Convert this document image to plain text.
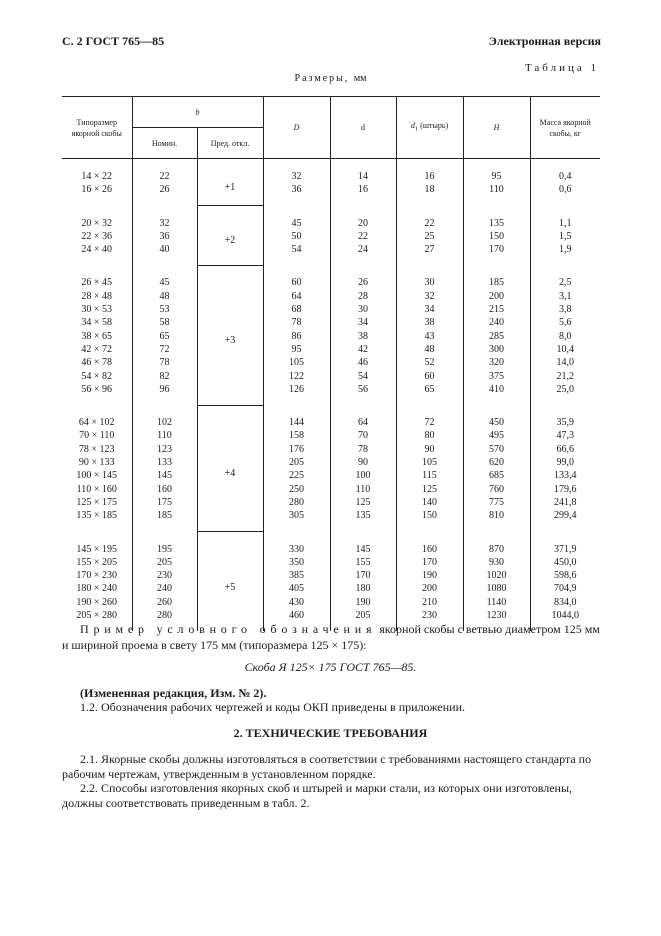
С. 2 ГОСТ 765—85	Электронная версия
Таблица 1
Размеры, мм
Типоразмер якорной скобы	b		D	d	$d_1$ (штырь)	H	Масса якорной скобы, кг
	Номин.	Пред. откл.					
14 × 22	22	+1	32	14	16	95	0,4
16 × 26	26		36	16	18	110	0,6
20 × 32	32	+2	45	20	22	135	1,1
22 × 36	36		50	22	25	150	1,5
24 × 40	40		54	24	27	170	1,9
26 × 45	45	+3	60	26	30	185	2,5
28 × 48	48		64	28	32	200	3,1
30 × 53	53		68	30	34	215	3,8
34 × 58	58		78	34	38	240	5,6
38 × 65	65		86	38	43	285	8,0
42 × 72	72		95	42	48	300	10,4
46 × 78	78		105	46	52	320	14,0
54 × 82	82		122	54	60	375	21,2
56 × 96	96		126	56	65	410	25,0
64 × 102	102	+4	144	64	72	450	35,9
70 × 110	110		158	70	80	495	47,3
78 × 123	123		176	78	90	570	66,6
90 × 133	133		205	90	105	620	99,0
100 × 145	145		225	100	115	685	133,4
110 × 160	160		250	110	125	760	179,6
125 × 175	175		280	125	140	775	241,8
135 × 185	185		305	135	150	810	299,4
145 × 195	195	+5	330	145	160	870	371,9
155 × 205	205		350	155	170	930	450,0
170 × 230	230		385	170	190	1020	598,6
180 × 240	240		405	180	200	1080	704,9
190 × 260	260		430	190	210	1140	834,0
205 × 280	280		460	205	230	1230	1044,0
Пример условного обозначения якорной скобы с ветвью диаметром 125 мм и шириной проема в свету 175 мм (типоразмера 125 × 175):
Скоба Я 125× 175 ГОСТ 765—85.
(Измененная редакция, Изм. № 2).
1.2. Обозначения рабочих чертежей и коды ОКП приведены в приложении.
2. ТЕХНИЧЕСКИЕ ТРЕБОВАНИЯ
2.1. Якорные скобы должны изготовляться в соответствии с требованиями настоящего стандарта по рабочим чертежам, утвержденным в установленном порядке.
2.2. Способы изготовления якорных скоб и штырей и марки стали, из которых они изготовлены, должны соответствовать приведенным в табл. 2.
